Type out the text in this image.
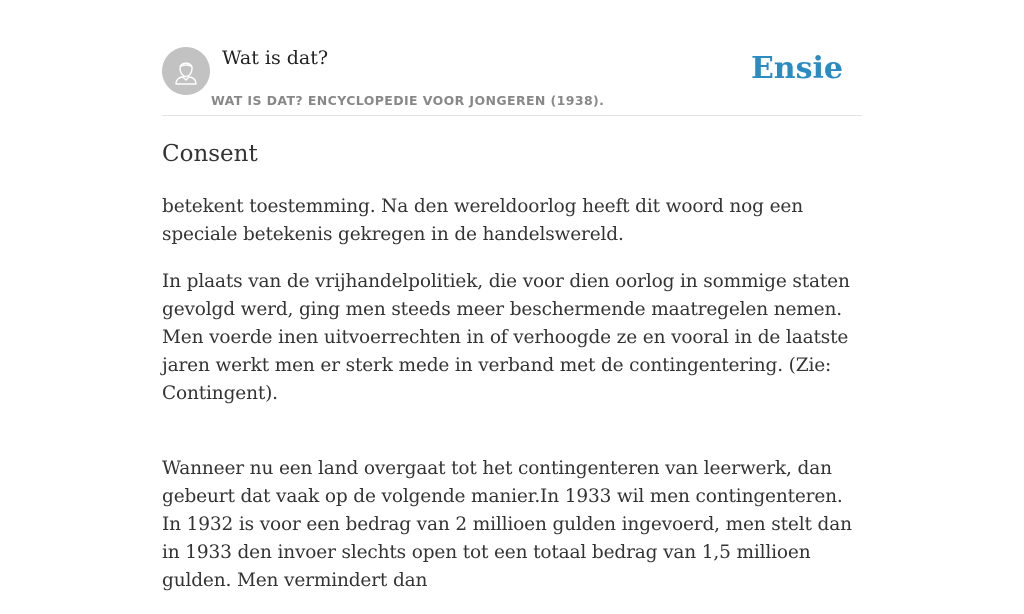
Wat is dat?
WAT IS DAT? ENCYCLOPEDIE VOOR JONGEREN (1938).
Ensie
Consent

betekent toestemming. Na den wereldoorlog heeft dit woord nog een speciale betekenis gekregen in de handelswereld.

In plaats van de vrijhandelpolitiek, die voor dien oorlog in sommige staten gevolgd werd, ging men steeds meer beschermende maatregelen nemen. Men voerde inen uitvoerrechten in of verhoogde ze en vooral in de laatste jaren werkt men er sterk mede in verband met de contingentering. (Zie: Contingent).

Wanneer nu een land overgaat tot het contingenteren van leerwerk, dan gebeurt dat vaak op de volgende manier.In 1933 wil men contingenteren. In 1932 is voor een bedrag van 2 millioen gulden ingevoerd, men stelt dan in 1933 den invoer slechts open tot een totaal bedrag van 1,5 millioen gulden. Men vermindert dan
